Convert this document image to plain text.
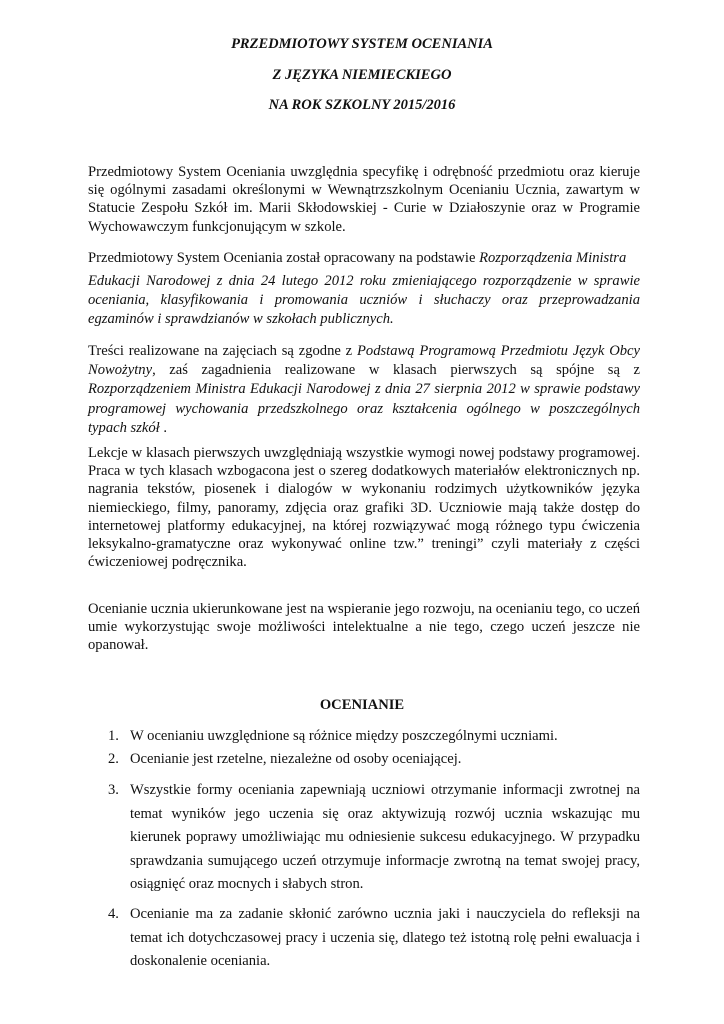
PRZEDMIOTOWY SYSTEM OCENIANIA
Z JĘZYKA NIEMIECKIEGO
NA ROK SZKOLNY 2015/2016

Przedmiotowy System Oceniania uwzględnia specyfikę i odrębność przedmiotu oraz kieruje się ogólnymi zasadami określonymi w Wewnątrzszkolnym Ocenianiu Ucznia, zawartym w Statucie Zespołu Szkół im. Marii Skłodowskiej - Curie w Działoszynie oraz w Programie Wychowawczym funkcjonującym w szkole.

Przedmiotowy System Oceniania został opracowany na podstawie Rozporządzenia Ministra
Edukacji Narodowej z dnia 24 lutego 2012 roku zmieniającego rozporządzenie w sprawie oceniania, klasyfikowania i promowania uczniów i słuchaczy oraz przeprowadzania egzaminów i sprawdzianów w szkołach publicznych.

Treści realizowane na zajęciach są zgodne z Podstawą Programową Przedmiotu Język Obcy Nowożytny, zaś zagadnienia realizowane w klasach pierwszych są spójne są z Rozporządzeniem Ministra Edukacji Narodowej z dnia 27 sierpnia 2012 w sprawie podstawy programowej wychowania przedszkolnego oraz kształcenia ogólnego w poszczególnych typach szkół .

Lekcje w klasach pierwszych uwzględniają wszystkie wymogi nowej podstawy programowej. Praca w tych klasach wzbogacona jest o szereg dodatkowych materiałów elektronicznych np. nagrania tekstów, piosenek i dialogów w wykonaniu rodzimych użytkowników języka niemieckiego, filmy, panoramy, zdjęcia oraz grafiki 3D. Uczniowie mają także dostęp do internetowej platformy edukacyjnej, na której rozwiązywać mogą różnego typu ćwiczenia leksykalno-gramatyczne oraz wykonywać online tzw.” treningi” czyli materiały z części ćwiczeniowej podręcznika.

Ocenianie ucznia ukierunkowane jest na wspieranie jego rozwoju, na ocenianiu tego, co uczeń umie wykorzystując swoje możliwości intelektualne a nie tego, czego uczeń jeszcze nie opanował.

OCENIANIE
1. W ocenianiu uwzględnione są różnice między poszczególnymi uczniami.
2. Ocenianie jest rzetelne, niezależne od osoby oceniającej.
3. Wszystkie formy oceniania zapewniają uczniowi otrzymanie informacji zwrotnej na temat wyników jego uczenia się oraz aktywizują rozwój ucznia wskazując mu kierunek poprawy umożliwiając mu odniesienie sukcesu edukacyjnego. W przypadku sprawdzania sumującego uczeń otrzymuje informacje zwrotną na temat swojej pracy, osiągnięć oraz mocnych i słabych stron.
4. Ocenianie ma za zadanie skłonić zarówno ucznia jaki i nauczyciela do refleksji na temat ich dotychczasowej pracy i uczenia się, dlatego też istotną rolę pełni ewaluacja i doskonalenie oceniania.
